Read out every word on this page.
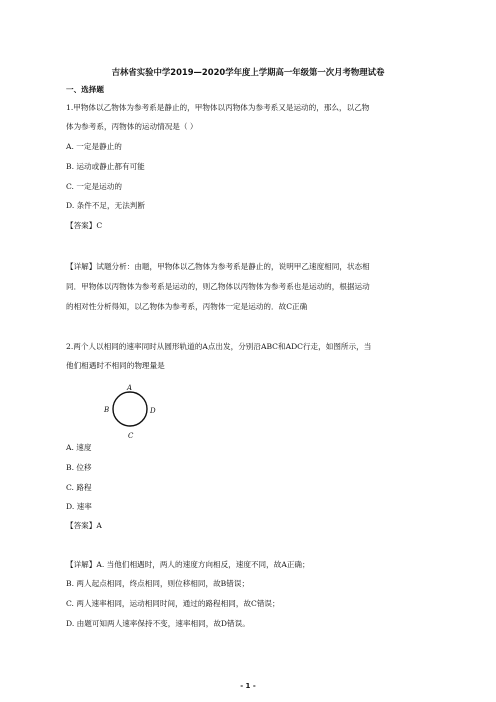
吉林省实验中学2019—2020学年度上学期高一年级第一次月考物理试卷
一、选择题
1.甲物体以乙物体为参考系是静止的，甲物体以丙物体为参考系又是运动的，那么，以乙物
体为参考系，丙物体的运动情况是（ ）
A. 一定是静止的
B. 运动或静止都有可能
C. 一定是运动的
D. 条件不足，无法判断
【答案】C
【详解】试题分析：由题，甲物体以乙物体为参考系是静止的，说明甲乙速度相同，状态相
同．甲物体以丙物体为参考系是运动的，则乙物体以丙物体为参考系也是运动的，根据运动
的相对性分析得知，以乙物体为参考系，丙物体一定是运动的．故C正确
2.两个人以相同的速率同时从圆形轨道的A点出发，分别沿ABC和ADC行走，如图所示，当
他们相遇时不相同的物理量是
A
B	D
C
A. 速度
B. 位移
C. 路程
D. 速率
【答案】A
【详解】A. 当他们相遇时，两人的速度方向相反，速度不同，故A正确；
B. 两人起点相同，终点相同，则位移相同，故B错误；
C. 两人速率相同，运动相同时间，通过的路程相同，故C错误；
D. 由题可知两人速率保持不变，速率相同，故D错误。
- 1 -
